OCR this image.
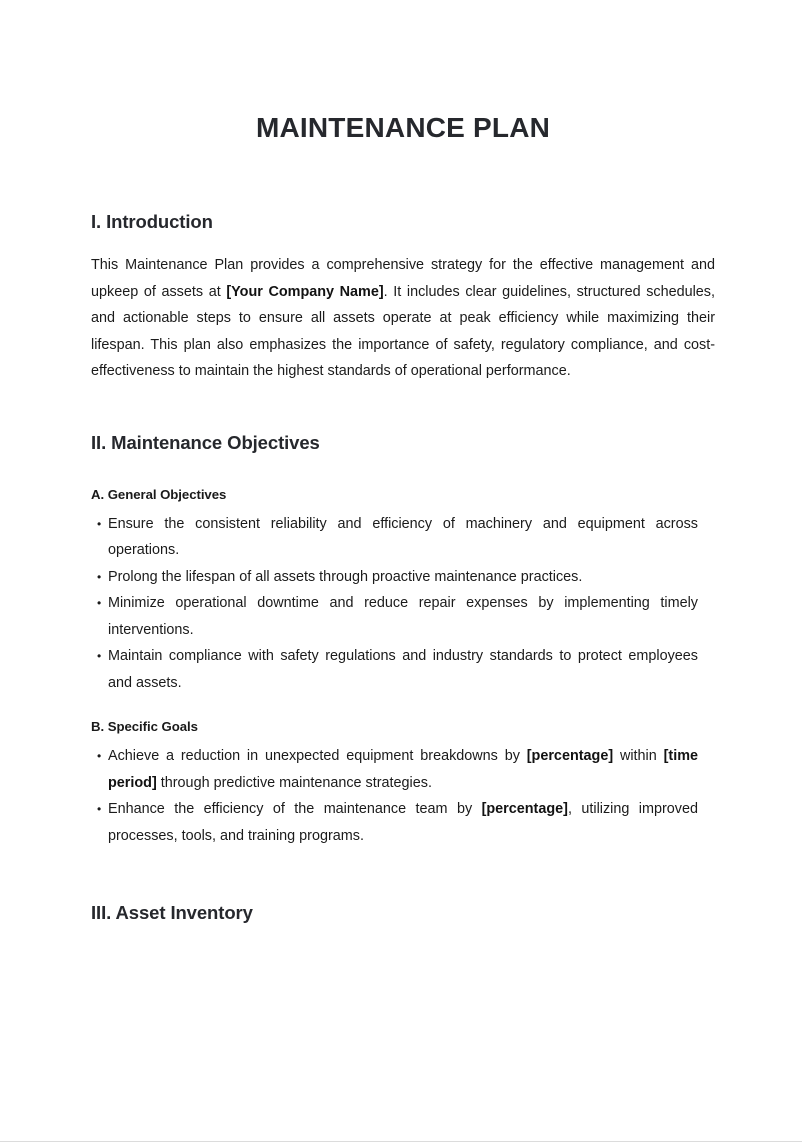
MAINTENANCE PLAN
I. Introduction

This Maintenance Plan provides a comprehensive strategy for the effective management and upkeep of assets at [Your Company Name]. It includes clear guidelines, structured schedules, and actionable steps to ensure all assets operate at peak efficiency while maximizing their lifespan. This plan also emphasizes the importance of safety, regulatory compliance, and cost-effectiveness to maintain the highest standards of operational performance.

II. Maintenance Objectives
A. General Objectives
• Ensure the consistent reliability and efficiency of machinery and equipment across operations.
• Prolong the lifespan of all assets through proactive maintenance practices.
• Minimize operational downtime and reduce repair expenses by implementing timely interventions.
• Maintain compliance with safety regulations and industry standards to protect employees and assets.
B. Specific Goals
• Achieve a reduction in unexpected equipment breakdowns by [percentage] within [time period] through predictive maintenance strategies.
• Enhance the efficiency of the maintenance team by [percentage], utilizing improved processes, tools, and training programs.
III. Asset Inventory
